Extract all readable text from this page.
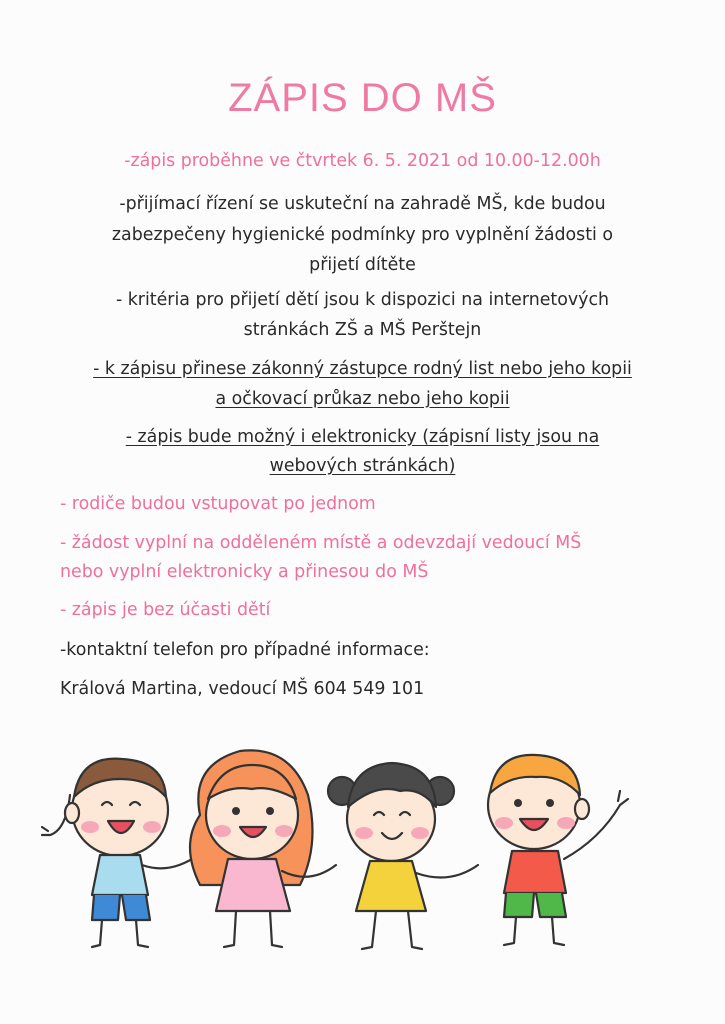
ZÁPIS DO MŠ
-zápis proběhne ve čtvrtek 6. 5. 2021 od 10.00-12.00h
-přijímací řízení se uskuteční na zahradě MŠ, kde budou
zabezpečeny hygienické podmínky pro vyplnění žádosti o
přijetí dítěte
- kritéria pro přijetí dětí jsou k dispozici na internetových
stránkách ZŠ a MŠ Perštejn
- k zápisu přinese zákonný zástupce rodný list nebo jeho kopii
a očkovací průkaz nebo jeho kopii
- zápis bude možný i elektronicky (zápisní listy jsou na
webových stránkách)
- rodiče budou vstupovat po jednom
- žádost vyplní na odděleném místě a odevzdají vedoucí MŠ
nebo vyplní elektronicky a přinesou do MŠ
- zápis je bez účasti dětí
-kontaktní telefon pro případné informace:
Králová Martina, vedoucí MŠ 604 549 101
